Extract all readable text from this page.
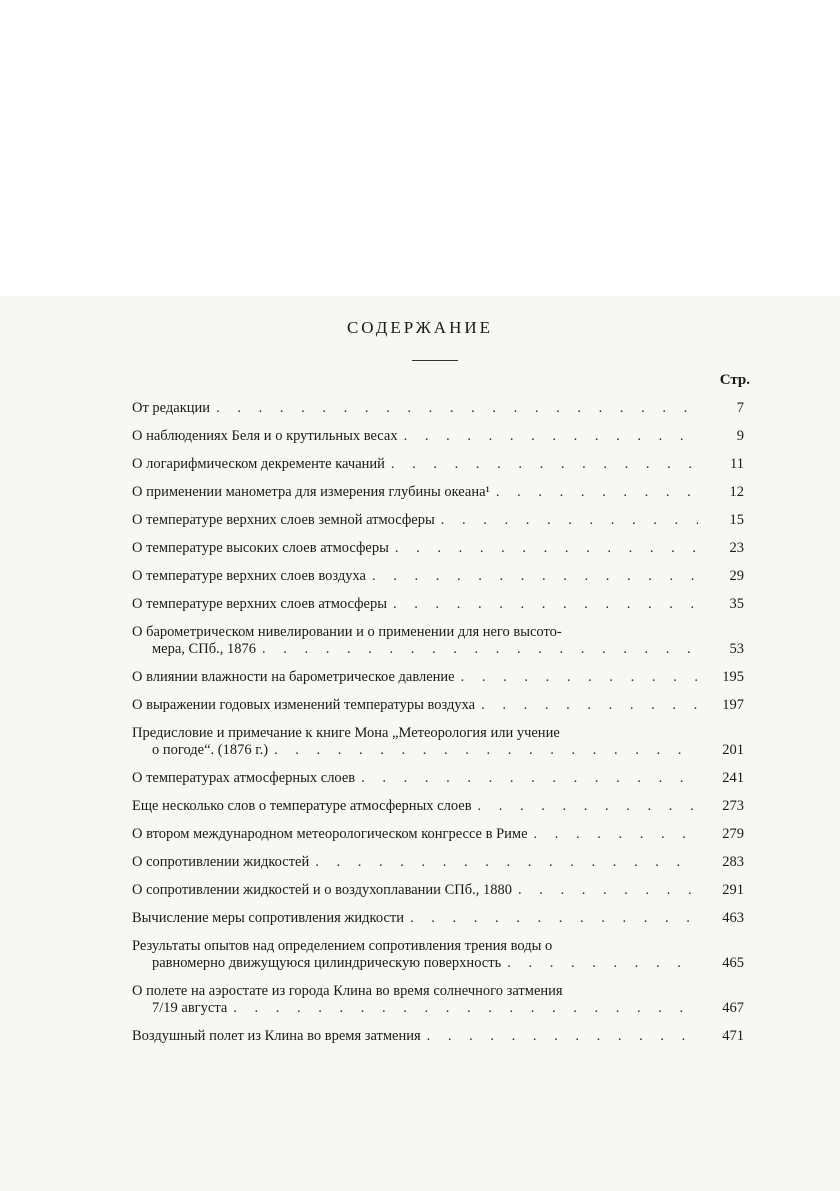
СОДЕРЖАНИЕ
Стр.
От редакции . . .	7
О наблюдениях Беля и о крутильных весах . . .	9
О логарифмическом декременте качаний . . .	11
О применении манометра для измерения глубины океана¹ . . .	12
О температуре верхних слоев земной атмосферы . . .	15
О температуре высоких слоев атмосферы . . .	23
О температуре верхних слоев воздуха . . .	29
О температуре верхних слоев атмосферы . . .	35
О барометрическом нивелировании и о применении для него высото-
мера, СПб., 1876 . . .	53
О влиянии влажности на барометрическое давление . . .	195
О выражении годовых изменений температуры воздуха . . .	197
Предисловие и примечание к книге Мона „Метеорология или учение
о погоде“. (1876 г.) . . .	201
О температурах атмосферных слоев . . .	241
Еще несколько слов о температуре атмосферных слоев . . .	273
О втором международном метеорологическом конгрессе в Риме . . .	279
О сопротивлении жидкостей . . .	283
О сопротивлении жидкостей и о воздухоплавании СПб., 1880 . . .	291
Вычисление меры сопротивления жидкости . . .	463
Результаты опытов над определением сопротивления трения воды о
равномерно движущуюся цилиндрическую поверхность . . .	465
О полете на аэростате из города Клина во время солнечного затмения
7/19 августа . . .	467
Воздушный полет из Клина во время затмения . . .	471
